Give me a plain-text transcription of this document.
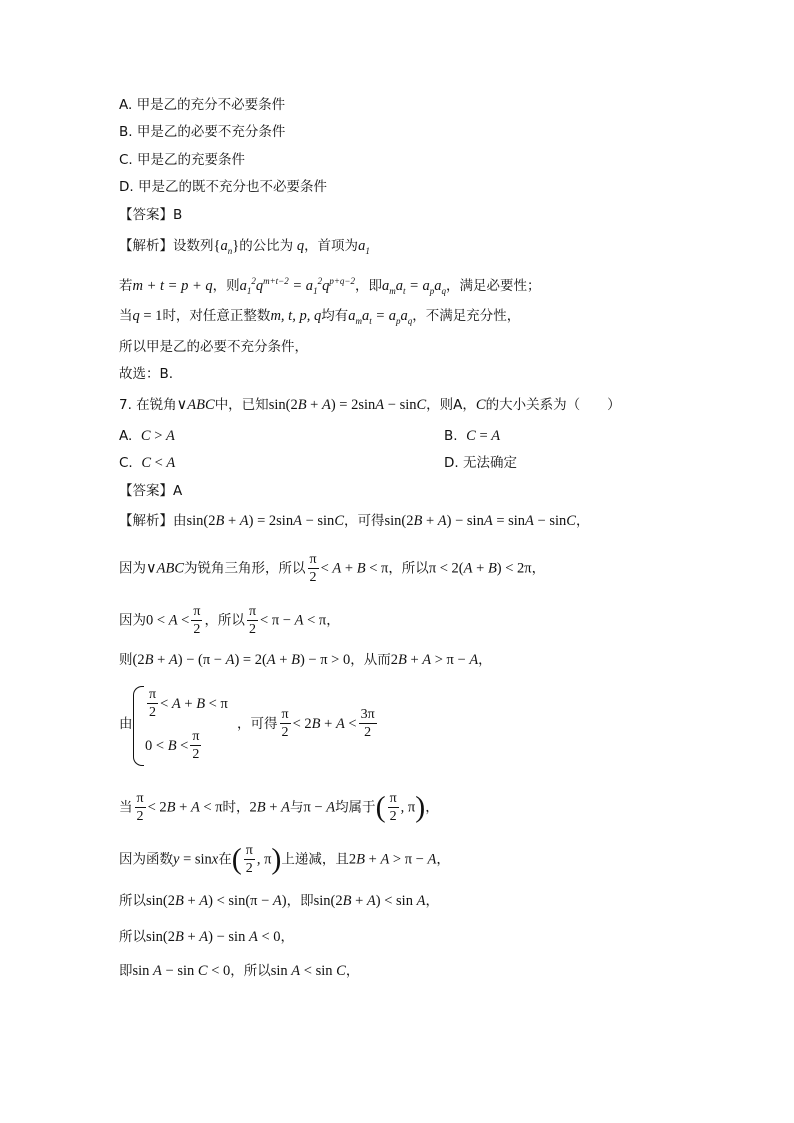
A. 甲是乙的充分不必要条件
B. 甲是乙的必要不充分条件
C. 甲是乙的充要条件
D. 甲是乙的既不充分也不必要条件
【答案】B
【解析】设数列$\{a_n\}$的公比为 q，首项为$a_1$
若m + t = p + q，则$a_1^2q^{m+t-2} = a_1^2q^{p+q-2}$，即$a_ma_t = a_pa_q$，满足必要性；
当q = 1时，对任意正整数m, t, p, q均有$a_ma_t = a_pa_q$，不满足充分性，
所以甲是乙的必要不充分条件，
故选：B.
7. 在锐角∨ABC中，已知sin(2B + A) = 2sinA − sinC，则A，C的大小关系为（　　）
A. C > A	B. C = A
C. C < A	D. 无法确定
【答案】A
【解析】由sin(2B + A) = 2sinA − sinC，可得sin(2B + A) − sinA = sinA − sinC，
因为∨ABC为锐角三角形，所以 $\frac{\pi}{2} < A + B < \pi$，所以π < 2(A + B) < 2π，
因为$0 < A < \frac{\pi}{2}$ ，所以 $\frac{\pi}{2} < \pi - A < \pi$，
则(2B + A) − (π − A) = 2(A + B) − π > 0，从而2B + A > π − A，
由
$\frac{\pi}{2} < A + B < \pi$
$0 < B < \frac{\pi}{2}$
，可得 $\frac{\pi}{2} < 2B + A < \frac{3\pi}{2}$
当 $\frac{\pi}{2} < 2B + A < \pi$时，2B + A与π − A均属于( $\frac{\pi}{2}$ , π)，
因为函数y = sinx在( $\frac{\pi}{2}$ , π)上递减，且2B + A > π − A，
所以sin(2B + A) < sin(π − A)，即sin(2B + A) < sin A，
所以sin(2B + A) − sin A < 0，
即sin A − sin C < 0，所以sin A < sin C，
